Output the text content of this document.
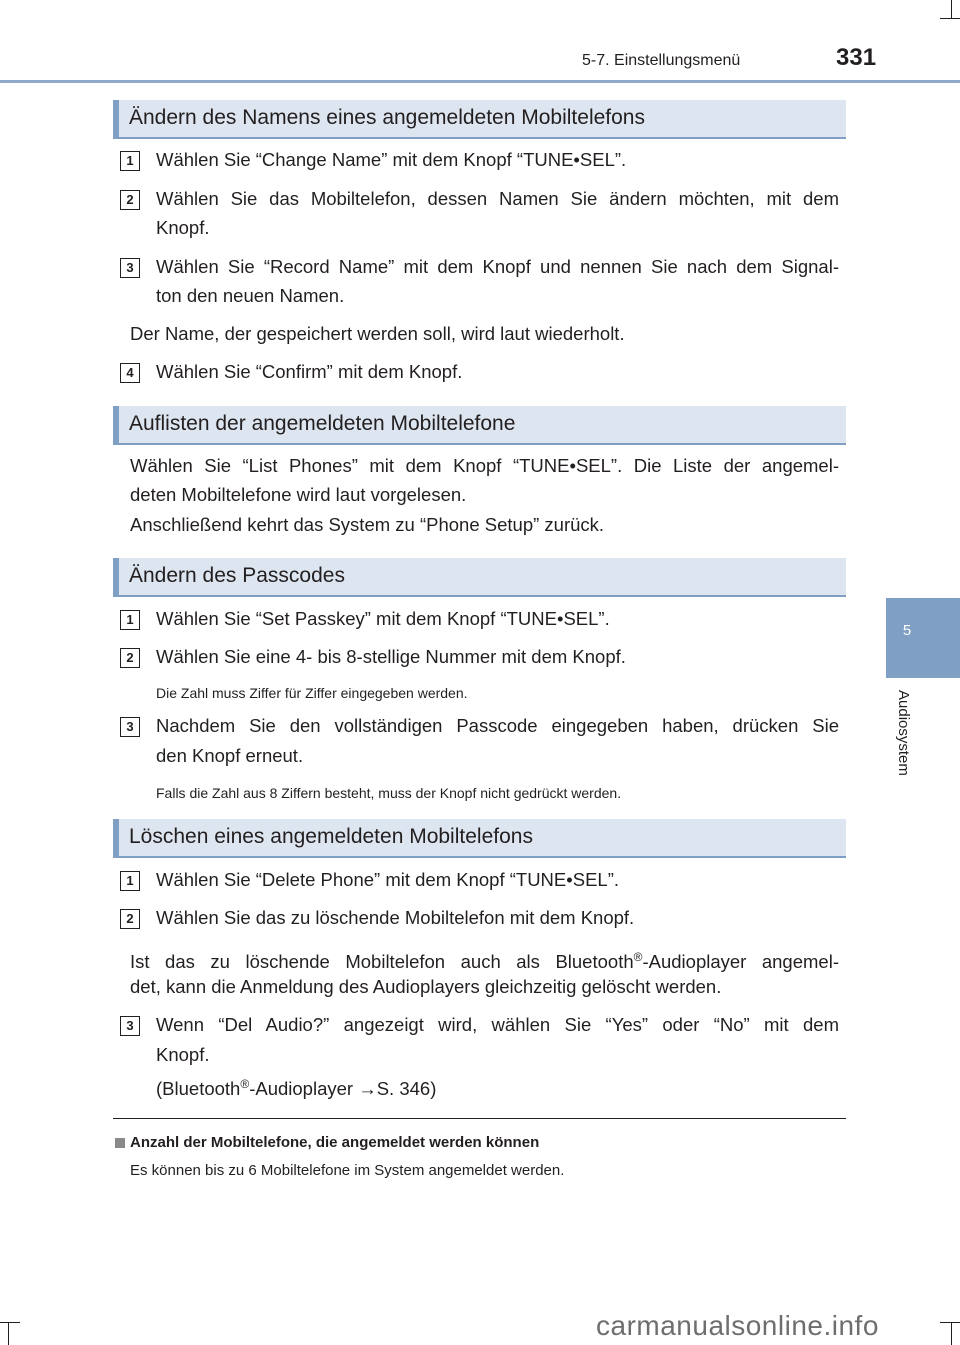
5-7. Einstellungsmenü	331
5
Audiosystem
Ändern des Namens eines angemeldeten Mobiltelefons
1	Wählen Sie “Change Name” mit dem Knopf “TUNE•SEL”.
2	Wählen Sie das Mobiltelefon, dessen Namen Sie ändern möchten, mit dem
Knopf.
3	Wählen Sie “Record Name” mit dem Knopf und nennen Sie nach dem Signal-
ton den neuen Namen.
Der Name, der gespeichert werden soll, wird laut wiederholt.
4	Wählen Sie “Confirm” mit dem Knopf.
Auflisten der angemeldeten Mobiltelefone
Wählen Sie “List Phones” mit dem Knopf “TUNE•SEL”. Die Liste der angemel-
deten Mobiltelefone wird laut vorgelesen.
Anschließend kehrt das System zu “Phone Setup” zurück.
Ändern des Passcodes
1	Wählen Sie “Set Passkey” mit dem Knopf “TUNE•SEL”.
2	Wählen Sie eine 4- bis 8-stellige Nummer mit dem Knopf.
Die Zahl muss Ziffer für Ziffer eingegeben werden.
3	Nachdem Sie den vollständigen Passcode eingegeben haben, drücken Sie
den Knopf erneut.
Falls die Zahl aus 8 Ziffern besteht, muss der Knopf nicht gedrückt werden.
Löschen eines angemeldeten Mobiltelefons
1	Wählen Sie “Delete Phone” mit dem Knopf “TUNE•SEL”.
2	Wählen Sie das zu löschende Mobiltelefon mit dem Knopf.
Ist das zu löschende Mobiltelefon auch als Bluetooth®-Audioplayer angemel-
det, kann die Anmeldung des Audioplayers gleichzeitig gelöscht werden.
3	Wenn “Del Audio?” angezeigt wird, wählen Sie “Yes” oder “No” mit dem
Knopf.
(Bluetooth®-Audioplayer →S. 346)
Anzahl der Mobiltelefone, die angemeldet werden können
Es können bis zu 6 Mobiltelefone im System angemeldet werden.
carmanualsonline.info
